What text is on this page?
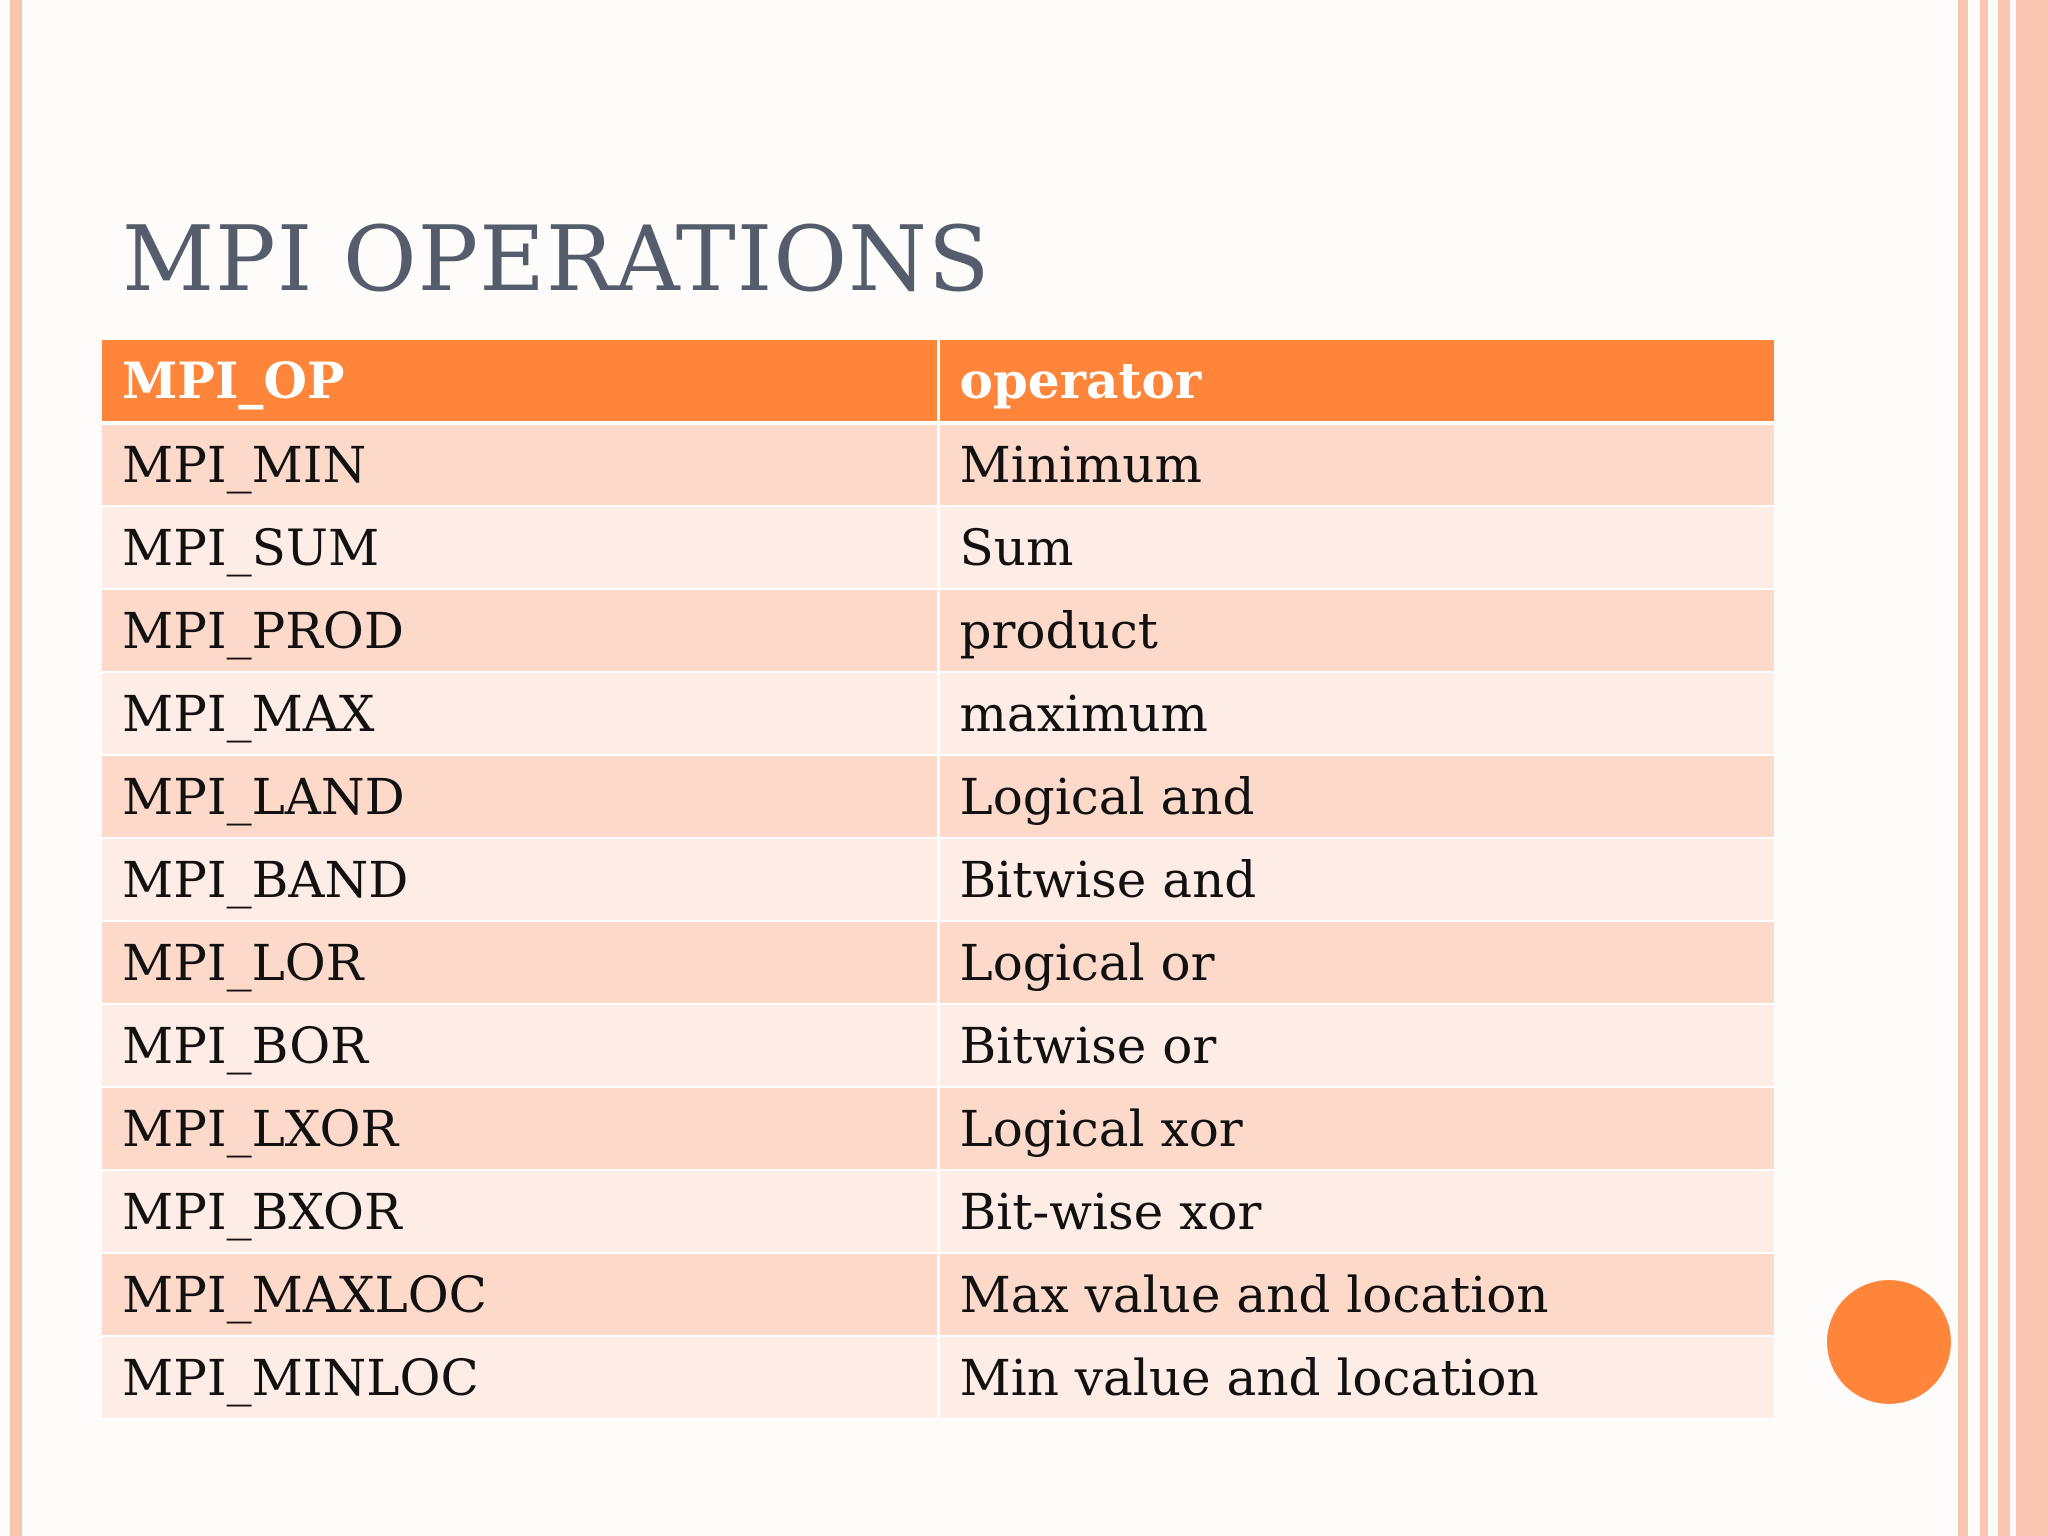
MPI OPERATIONS
MPI_OP	operator
MPI_MIN	Minimum
MPI_SUM	Sum
MPI_PROD	product
MPI_MAX	maximum
MPI_LAND	Logical and
MPI_BAND	Bitwise and
MPI_LOR	Logical or
MPI_BOR	Bitwise or
MPI_LXOR	Logical xor
MPI_BXOR	Bit-wise xor
MPI_MAXLOC	Max value and location
MPI_MINLOC	Min value and location
